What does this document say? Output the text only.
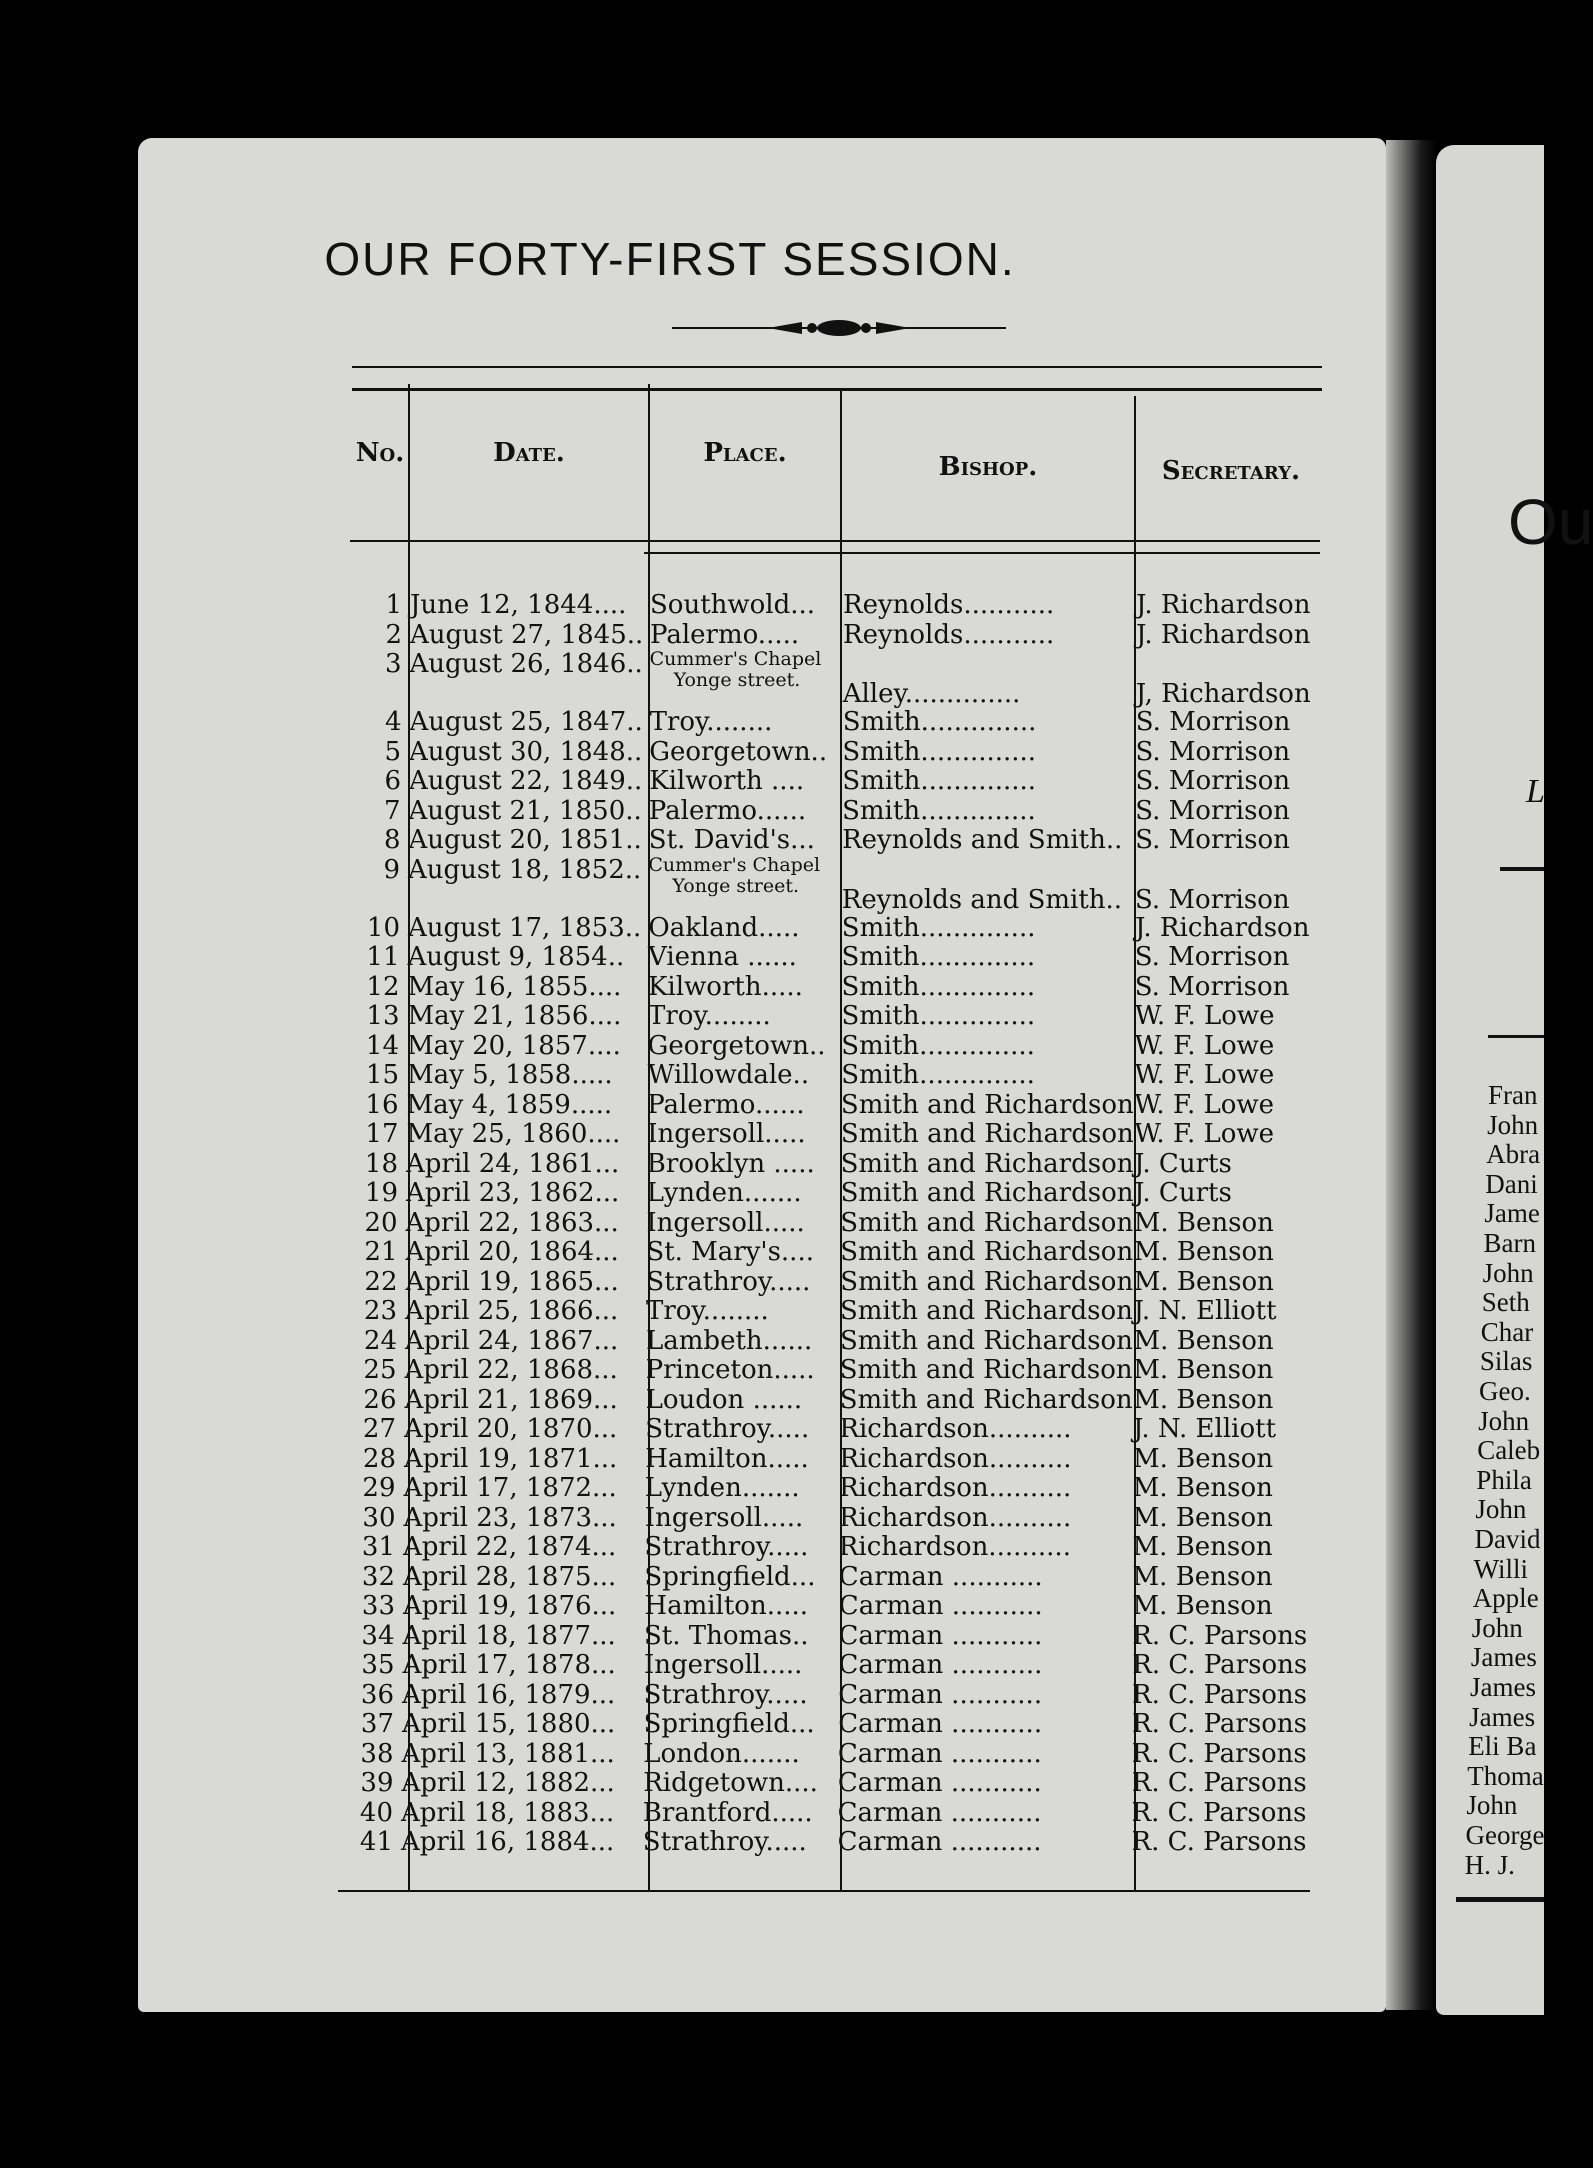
Ou
L
Fran
John
Abra
Dani
Jame
Barn
John
Seth
Char
Silas
Geo.
John
Caleb
Phila
John
David
Willi
Apple
John
James
James
James
Eli Ba
Thoma
John
George
H. J.
OUR FORTY-FIRST SESSION.
No.	Date.	Place.	Bishop.	Secretary.
1 June 12, 1844.... Southwold...	Reynolds...........	J. Richardson
2 August 27, 1845.. Palermo.....	Reynolds...........	J. Richardson
3 August 26, 1846.. Cummer's Chapel
Yonge street.	Alley..............	J, Richardson
4 August 25, 1847.. Troy........	Smith..............	S. Morrison
5 August 30, 1848.. Georgetown.. Smith..............	S. Morrison
6 August 22, 1849.. Kilworth ....	Smith..............	S. Morrison
7 August 21, 1850.. Palermo......	Smith..............	S. Morrison
8 August 20, 1851.. St. David's...	Reynolds and Smith.. S. Morrison
9 August 18, 1852.. Cummer's Chapel
Yonge street.	Reynolds and Smith.. S. Morrison
10 August 17, 1853.. Oakland.....	Smith..............	J. Richardson
11 August 9, 1854.. Vienna ......	Smith..............	S. Morrison
12 May 16, 1855....	Kilworth.....	Smith..............	S. Morrison
13 May 21, 1856....	Troy........	Smith..............	W. F. Lowe
14 May 20, 1857....	Georgetown.. Smith..............	W. F. Lowe
15 May 5, 1858.....	Willowdale..	Smith..............	W. F. Lowe
16 May 4, 1859.....	Palermo......	Smith and Richardson W. F. Lowe
17 May 25, 1860....	Ingersoll.....	Smith and Richardson W. F. Lowe
18 April 24, 1861...	Brooklyn ..... Smith and Richardson J. Curts
19 April 23, 1862...	Lynden.......	Smith and Richardson J. Curts
20 April 22, 1863...	Ingersoll.....	Smith and Richardson M. Benson
21 April 20, 1864...	St. Mary's....	Smith and Richardson M. Benson
22 April 19, 1865...	Strathroy.....	Smith and Richardson M. Benson
23 April 25, 1866...	Troy........	Smith and Richardson J. N. Elliott
24 April 24, 1867...	Lambeth......	Smith and Richardson M. Benson
25 April 22, 1868...	Princeton..... Smith and Richardson M. Benson
26 April 21, 1869...	Loudon ......	Smith and Richardson M. Benson
27 April 20, 1870...	Strathroy.....	Richardson..........	J. N. Elliott
28 April 19, 1871...	Hamilton.....	Richardson..........	M. Benson
29 April 17, 1872...	Lynden.......	Richardson..........	M. Benson
30 April 23, 1873...	Ingersoll.....	Richardson..........	M. Benson
31 April 22, 1874...	Strathroy.....	Richardson..........	M. Benson
32 April 28, 1875...	Springfield... Carman ...........	M. Benson
33 April 19, 1876...	Hamilton.....	Carman ...........	M. Benson
34 April 18, 1877...	St. Thomas..	Carman ...........	R. C. Parsons
35 April 17, 1878...	Ingersoll.....	Carman ...........	R. C. Parsons
36 April 16, 1879...	Strathroy.....	Carman ...........	R. C. Parsons
37 April 15, 1880...	Springfield... Carman ...........	R. C. Parsons
38 April 13, 1881...	London.......	Carman ...........	R. C. Parsons
39 April 12, 1882...	Ridgetown.... Carman ...........	R. C. Parsons
40 April 18, 1883...	Brantford..... Carman ...........	R. C. Parsons
41 April 16, 1884...	Strathroy.....	Carman ...........	R. C. Parsons
